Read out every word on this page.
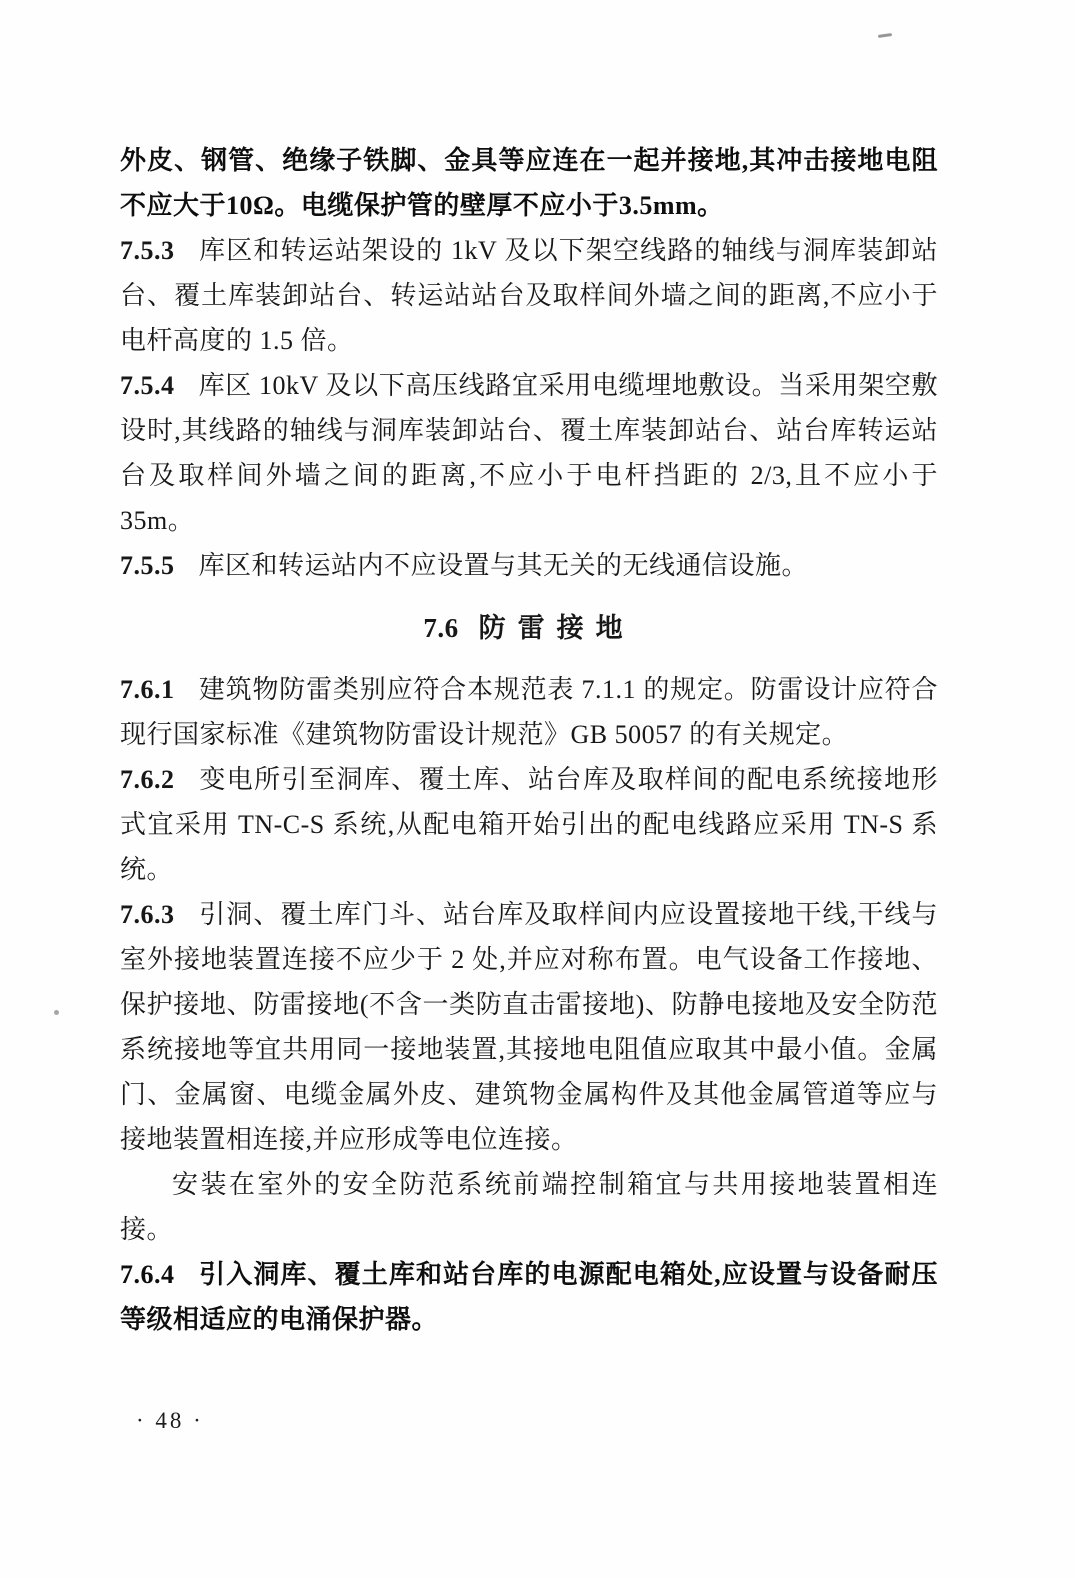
外皮、钢管、绝缘子铁脚、金具等应连在一起并接地,其冲击接地电阻不应大于10Ω。电缆保护管的壁厚不应小于3.5mm。

7.5.3 库区和转运站架设的 1kV 及以下架空线路的轴线与洞库装卸站台、覆土库装卸站台、转运站站台及取样间外墙之间的距离,不应小于电杆高度的 1.5 倍。

7.5.4 库区 10kV 及以下高压线路宜采用电缆埋地敷设。当采用架空敷设时,其线路的轴线与洞库装卸站台、覆土库装卸站台、站台库转运站台及取样间外墙之间的距离,不应小于电杆挡距的 2/3,且不应小于 35m。

7.5.5 库区和转运站内不应设置与其无关的无线通信设施。

7.6 防雷接地

7.6.1 建筑物防雷类别应符合本规范表 7.1.1 的规定。防雷设计应符合现行国家标准《建筑物防雷设计规范》GB 50057 的有关规定。

7.6.2 变电所引至洞库、覆土库、站台库及取样间的配电系统接地形式宜采用 TN-C-S 系统,从配电箱开始引出的配电线路应采用 TN-S 系统。

7.6.3 引洞、覆土库门斗、站台库及取样间内应设置接地干线,干线与室外接地装置连接不应少于 2 处,并应对称布置。电气设备工作接地、保护接地、防雷接地(不含一类防直击雷接地)、防静电接地及安全防范系统接地等宜共用同一接地装置,其接地电阻值应取其中最小值。金属门、金属窗、电缆金属外皮、建筑物金属构件及其他金属管道等应与接地装置相连接,并应形成等电位连接。

安装在室外的安全防范系统前端控制箱宜与共用接地装置相连接。

7.6.4 引入洞库、覆土库和站台库的电源配电箱处,应设置与设备耐压等级相适应的电涌保护器。

· 48 ·
